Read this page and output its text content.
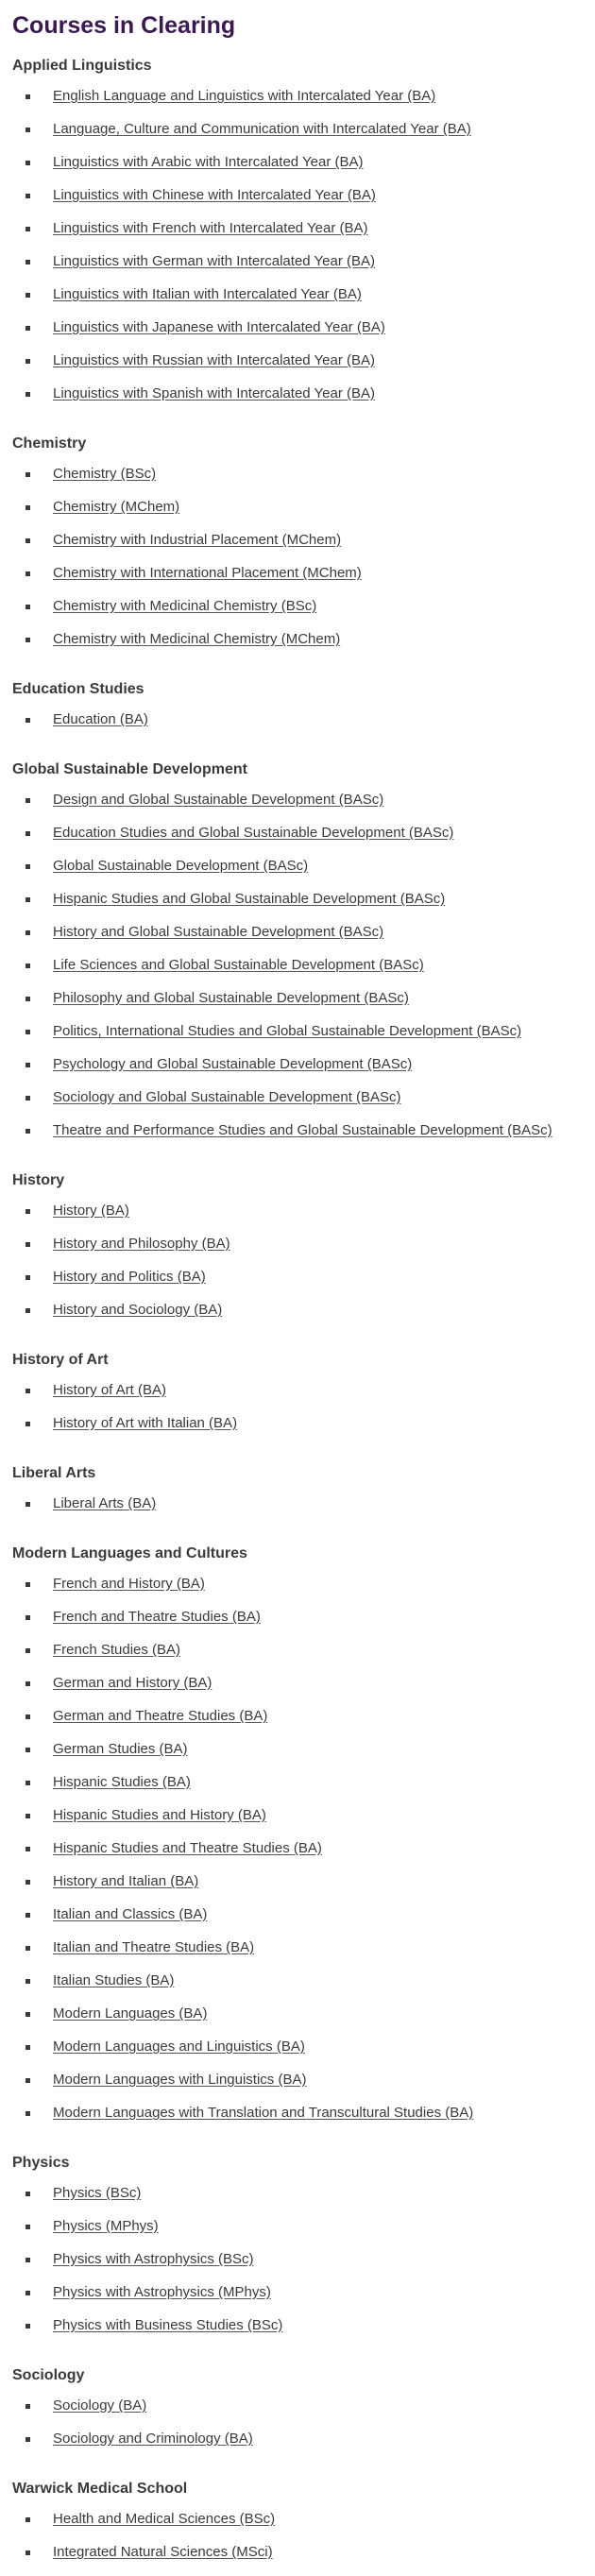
Courses in Clearing
Applied Linguistics
English Language and Linguistics with Intercalated Year (BA)
Language, Culture and Communication with Intercalated Year (BA)
Linguistics with Arabic with Intercalated Year (BA)
Linguistics with Chinese with Intercalated Year (BA)
Linguistics with French with Intercalated Year (BA)
Linguistics with German with Intercalated Year (BA)
Linguistics with Italian with Intercalated Year (BA)
Linguistics with Japanese with Intercalated Year (BA)
Linguistics with Russian with Intercalated Year (BA)
Linguistics with Spanish with Intercalated Year (BA)
Chemistry
Chemistry (BSc)
Chemistry (MChem)
Chemistry with Industrial Placement (MChem)
Chemistry with International Placement (MChem)
Chemistry with Medicinal Chemistry (BSc)
Chemistry with Medicinal Chemistry (MChem)
Education Studies
Education (BA)
Global Sustainable Development
Design and Global Sustainable Development (BASc)
Education Studies and Global Sustainable Development (BASc)
Global Sustainable Development (BASc)
Hispanic Studies and Global Sustainable Development (BASc)
History and Global Sustainable Development (BASc)
Life Sciences and Global Sustainable Development (BASc)
Philosophy and Global Sustainable Development (BASc)
Politics, International Studies and Global Sustainable Development (BASc)
Psychology and Global Sustainable Development (BASc)
Sociology and Global Sustainable Development (BASc)
Theatre and Performance Studies and Global Sustainable Development (BASc)
History
History (BA)
History and Philosophy (BA)
History and Politics (BA)
History and Sociology (BA)
History of Art
History of Art (BA)
History of Art with Italian (BA)
Liberal Arts
Liberal Arts (BA)
Modern Languages and Cultures
French and History (BA)
French and Theatre Studies (BA)
French Studies (BA)
German and History (BA)
German and Theatre Studies (BA)
German Studies (BA)
Hispanic Studies (BA)
Hispanic Studies and History (BA)
Hispanic Studies and Theatre Studies (BA)
History and Italian (BA)
Italian and Classics (BA)
Italian and Theatre Studies (BA)
Italian Studies (BA)
Modern Languages (BA)
Modern Languages and Linguistics (BA)
Modern Languages with Linguistics (BA)
Modern Languages with Translation and Transcultural Studies (BA)
Physics
Physics (BSc)
Physics (MPhys)
Physics with Astrophysics (BSc)
Physics with Astrophysics (MPhys)
Physics with Business Studies (BSc)
Sociology
Sociology (BA)
Sociology and Criminology (BA)
Warwick Medical School
Health and Medical Sciences (BSc)
Integrated Natural Sciences (MSci)
